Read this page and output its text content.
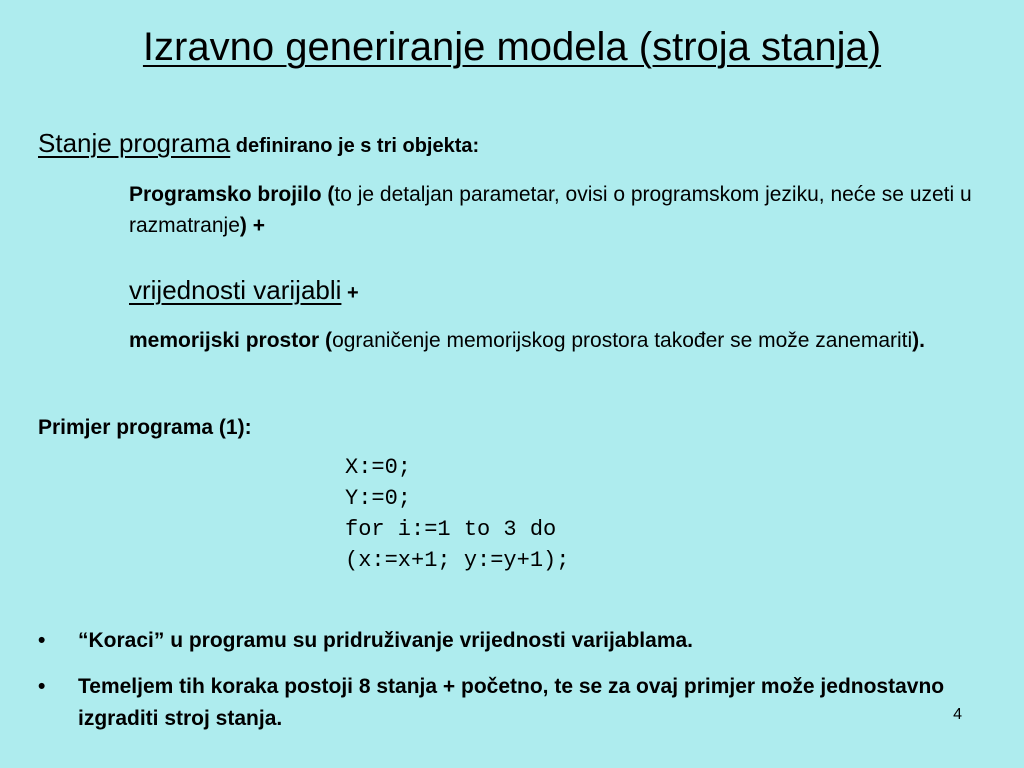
Izravno generiranje modela (stroja stanja)
Stanje programa definirano je s tri objekta:
Programsko brojilo (to je detaljan parametar, ovisi o programskom jeziku, neće se uzeti u razmatranje) +
vrijednosti varijabli +
memorijski prostor (ograničenje memorijskog prostora također se može zanemariti).
Primjer programa (1):
X:=0;
Y:=0;
for i:=1 to 3 do
(x:=x+1; y:=y+1);
•	“Koraci” u programu su pridruživanje vrijednosti varijablama.
•	Temeljem tih koraka postoji 8 stanja + početno, te se za ovaj primjer može jednostavno izgraditi stroj stanja.	4
